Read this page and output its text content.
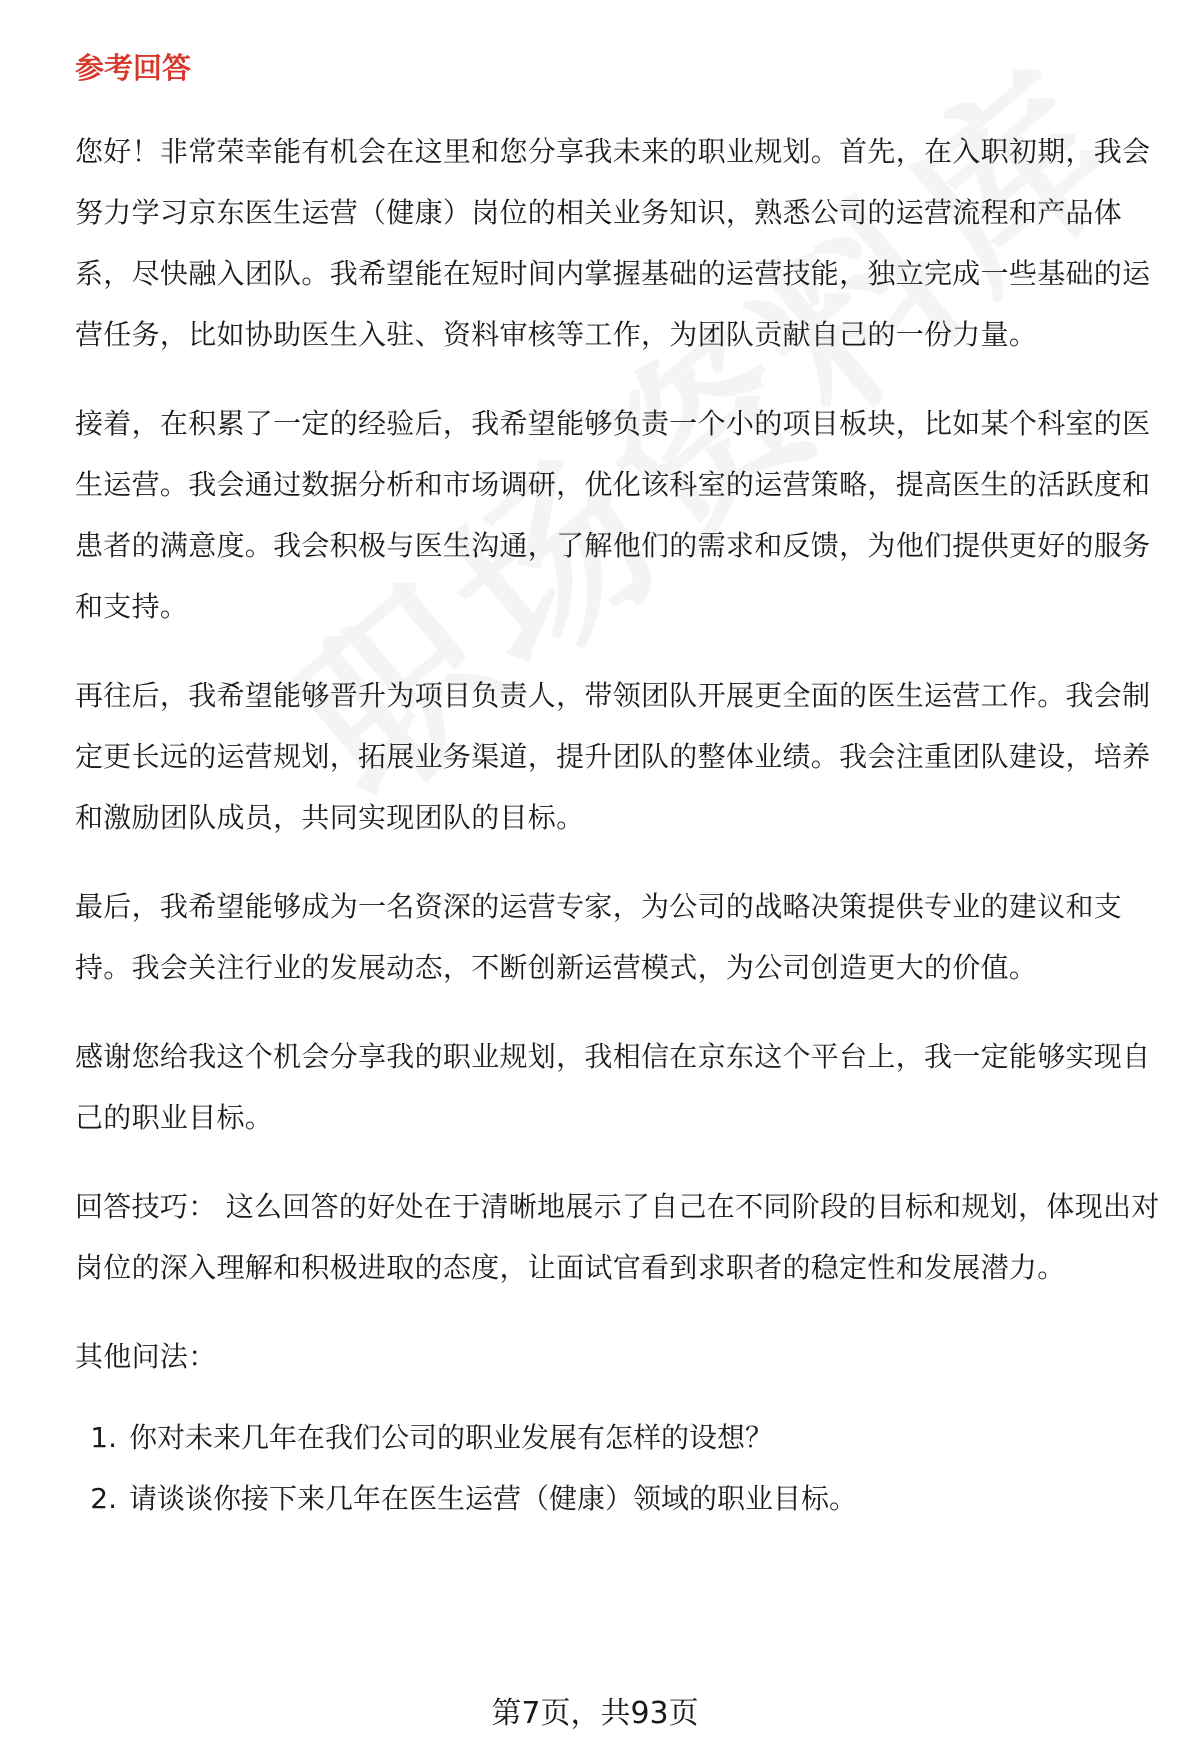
参考回答

您好！非常荣幸能有机会在这里和您分享我未来的职业规划。首先，在入职初期，我会努力学习京东医生运营（健康）岗位的相关业务知识，熟悉公司的运营流程和产品体系，尽快融入团队。我希望能在短时间内掌握基础的运营技能，独立完成一些基础的运营任务，比如协助医生入驻、资料审核等工作，为团队贡献自己的一份力量。

接着，在积累了一定的经验后，我希望能够负责一个小的项目板块，比如某个科室的医生运营。我会通过数据分析和市场调研，优化该科室的运营策略，提高医生的活跃度和患者的满意度。我会积极与医生沟通，了解他们的需求和反馈，为他们提供更好的服务和支持。

再往后，我希望能够晋升为项目负责人，带领团队开展更全面的医生运营工作。我会制定更长远的运营规划，拓展业务渠道，提升团队的整体业绩。我会注重团队建设，培养和激励团队成员，共同实现团队的目标。

最后，我希望能够成为一名资深的运营专家，为公司的战略决策提供专业的建议和支持。我会关注行业的发展动态，不断创新运营模式，为公司创造更大的价值。

感谢您给我这个机会分享我的职业规划，我相信在京东这个平台上，我一定能够实现自己的职业目标。

回答技巧： 这么回答的好处在于清晰地展示了自己在不同阶段的目标和规划，体现出对岗位的深入理解和积极进取的态度，让面试官看到求职者的稳定性和发展潜力。

其他问法：

1. 你对未来几年在我们公司的职业发展有怎样的设想？
2. 请谈谈你接下来几年在医生运营（健康）领域的职业目标。
第7页，共93页
